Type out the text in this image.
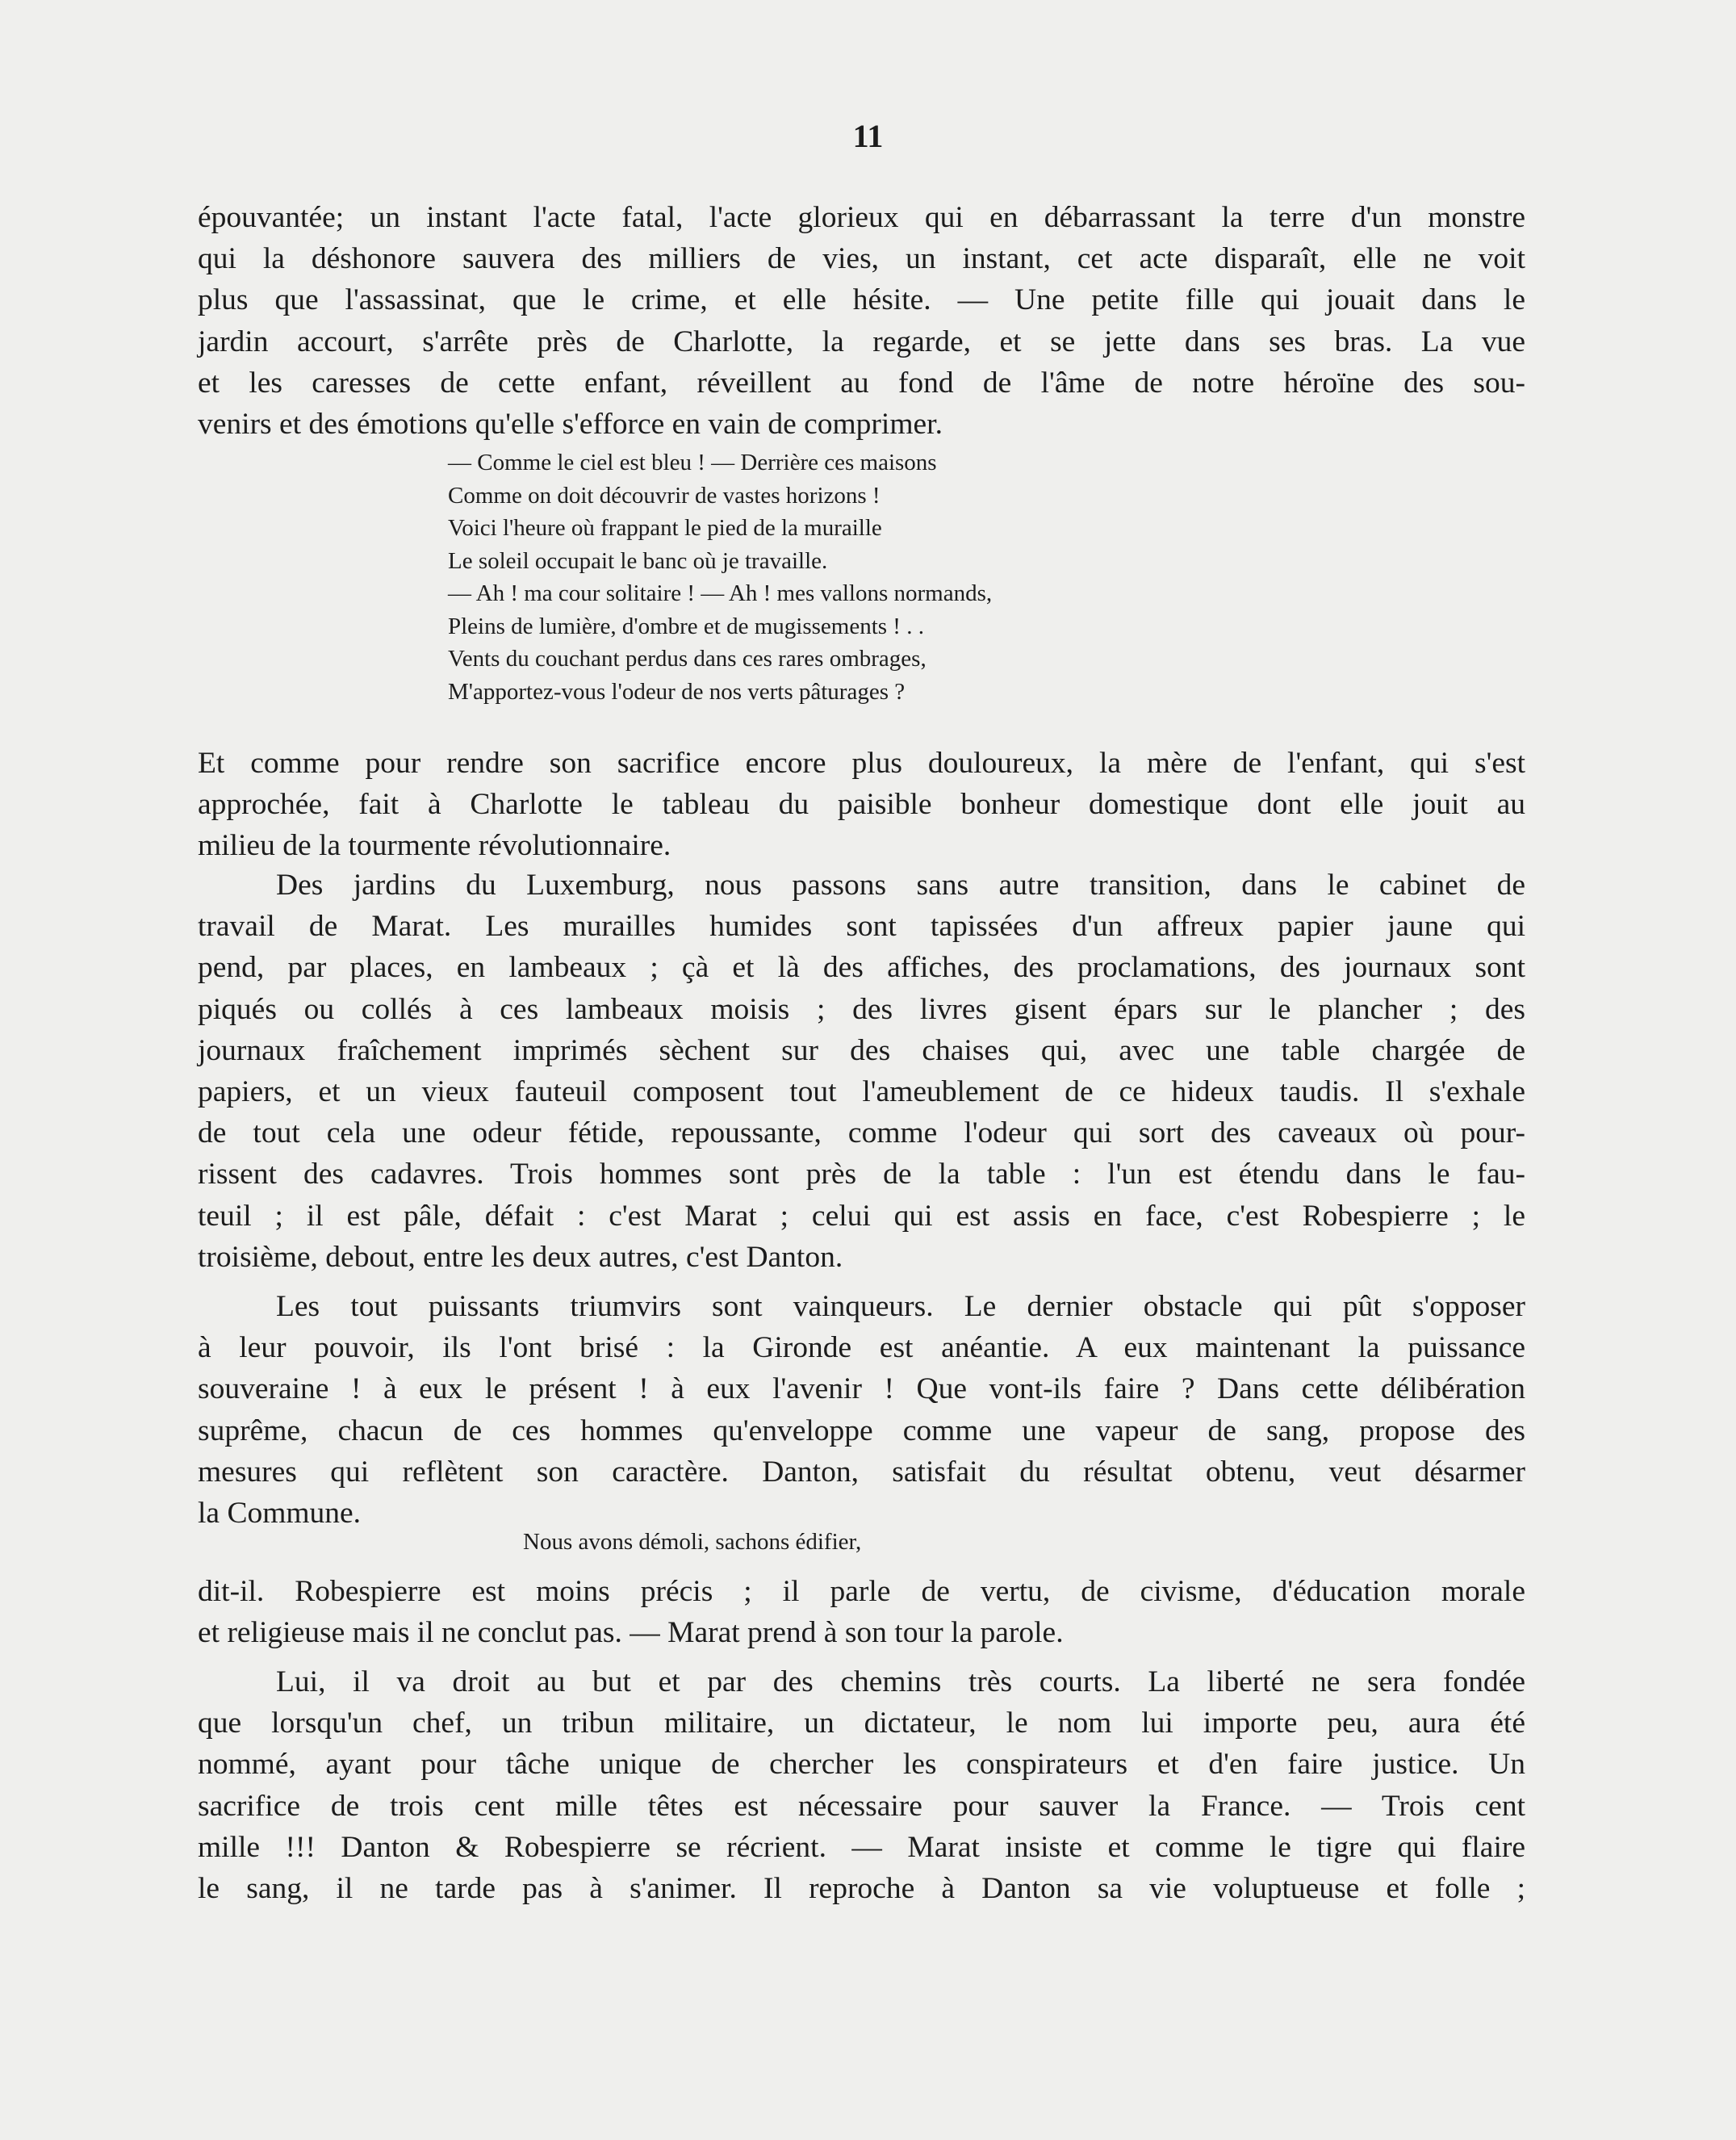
11
épouvantée; un instant l'acte fatal, l'acte glorieux qui en débarrassant la terre d'un monstre
qui la déshonore sauvera des milliers de vies, un instant, cet acte disparaît, elle ne voit
plus que l'assassinat, que le crime, et elle hésite. — Une petite fille qui jouait dans le
jardin accourt, s'arrête près de Charlotte, la regarde, et se jette dans ses bras. La vue
et les caresses de cette enfant, réveillent au fond de l'âme de notre héroïne des sou-
venirs et des émotions qu'elle s'efforce en vain de comprimer.
— Comme le ciel est bleu ! — Derrière ces maisons
Comme on doit découvrir de vastes horizons !
Voici l'heure où frappant le pied de la muraille
Le soleil occupait le banc où je travaille.
— Ah ! ma cour solitaire ! — Ah ! mes vallons normands,
Pleins de lumière, d'ombre et de mugissements ! . .
Vents du couchant perdus dans ces rares ombrages,
M'apportez-vous l'odeur de nos verts pâturages ?
Et comme pour rendre son sacrifice encore plus douloureux, la mère de l'enfant, qui s'est
approchée, fait à Charlotte le tableau du paisible bonheur domestique dont elle jouit au
milieu de la tourmente révolutionnaire.
Des jardins du Luxemburg, nous passons sans autre transition, dans le cabinet de
travail de Marat. Les murailles humides sont tapissées d'un affreux papier jaune qui
pend, par places, en lambeaux ; çà et là des affiches, des proclamations, des journaux sont
piqués ou collés à ces lambeaux moisis ; des livres gisent épars sur le plancher ; des
journaux fraîchement imprimés sèchent sur des chaises qui, avec une table chargée de
papiers, et un vieux fauteuil composent tout l'ameublement de ce hideux taudis. Il s'exhale
de tout cela une odeur fétide, repoussante, comme l'odeur qui sort des caveaux où pour-
rissent des cadavres. Trois hommes sont près de la table : l'un est étendu dans le fau-
teuil ; il est pâle, défait : c'est Marat ; celui qui est assis en face, c'est Robespierre ; le
troisième, debout, entre les deux autres, c'est Danton.
Les tout puissants triumvirs sont vainqueurs. Le dernier obstacle qui pût s'opposer
à leur pouvoir, ils l'ont brisé : la Gironde est anéantie. A eux maintenant la puissance
souveraine ! à eux le présent ! à eux l'avenir ! Que vont-ils faire ? Dans cette délibération
suprême, chacun de ces hommes qu'enveloppe comme une vapeur de sang, propose des
mesures qui reflètent son caractère. Danton, satisfait du résultat obtenu, veut désarmer
la Commune.
Nous avons démoli, sachons édifier,
dit-il. Robespierre est moins précis ; il parle de vertu, de civisme, d'éducation morale
et religieuse mais il ne conclut pas. — Marat prend à son tour la parole.
Lui, il va droit au but et par des chemins très courts. La liberté ne sera fondée
que lorsqu'un chef, un tribun militaire, un dictateur, le nom lui importe peu, aura été
nommé, ayant pour tâche unique de chercher les conspirateurs et d'en faire justice. Un
sacrifice de trois cent mille têtes est nécessaire pour sauver la France. — Trois cent
mille !!! Danton & Robespierre se récrient. — Marat insiste et comme le tigre qui flaire
le sang, il ne tarde pas à s'animer. Il reproche à Danton sa vie voluptueuse et folle ;
